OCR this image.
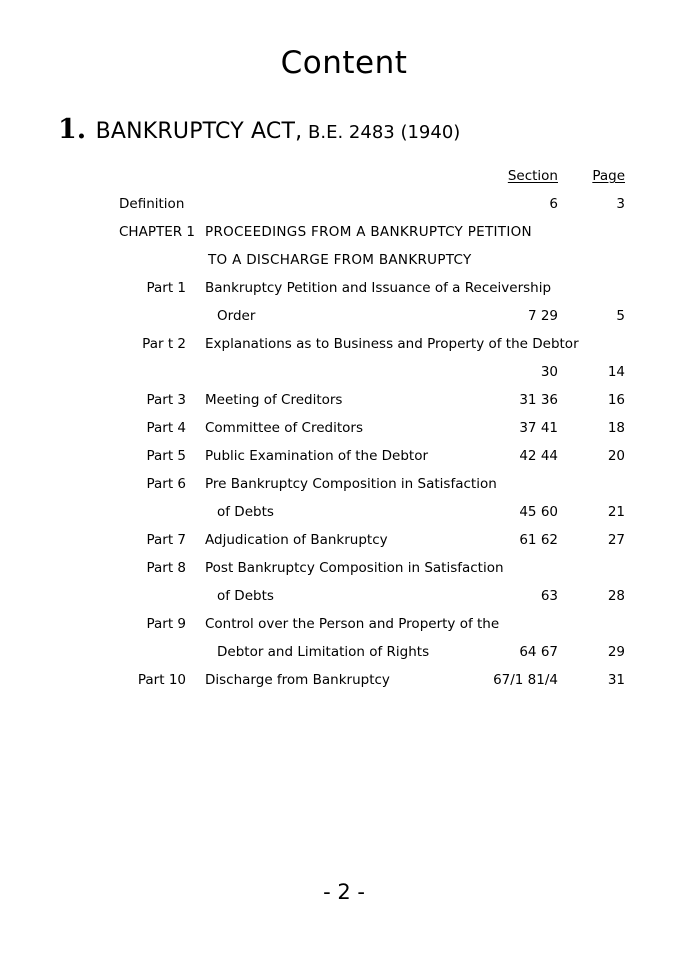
Content
1. BANKRUPTCY ACT, B.E. 2483 (1940)
Section	Page
Definition	6	3
CHAPTER 1 PROCEEDINGS FROM A BANKRUPTCY PETITION
TO A DISCHARGE FROM BANKRUPTCY
Part 1 Bankruptcy Petition and Issuance of a Receivership
Order	7 29	5
Par t 2 Explanations as to Business and Property of the Debtor
30	14
Part 3 Meeting of Creditors	31 36	16
Part 4 Committee of Creditors	37 41	18
Part 5 Public Examination of the Debtor	42 44	20
Part 6 Pre Bankruptcy Composition in Satisfaction
of Debts	45 60	21
Part 7 Adjudication of Bankruptcy	61 62	27
Part 8 Post Bankruptcy Composition in Satisfaction
of Debts	63	28
Part 9 Control over the Person and Property of the
Debtor and Limitation of Rights	64 67	29
Part 10 Discharge from Bankruptcy	67/1 81/4	31
- 2 -
